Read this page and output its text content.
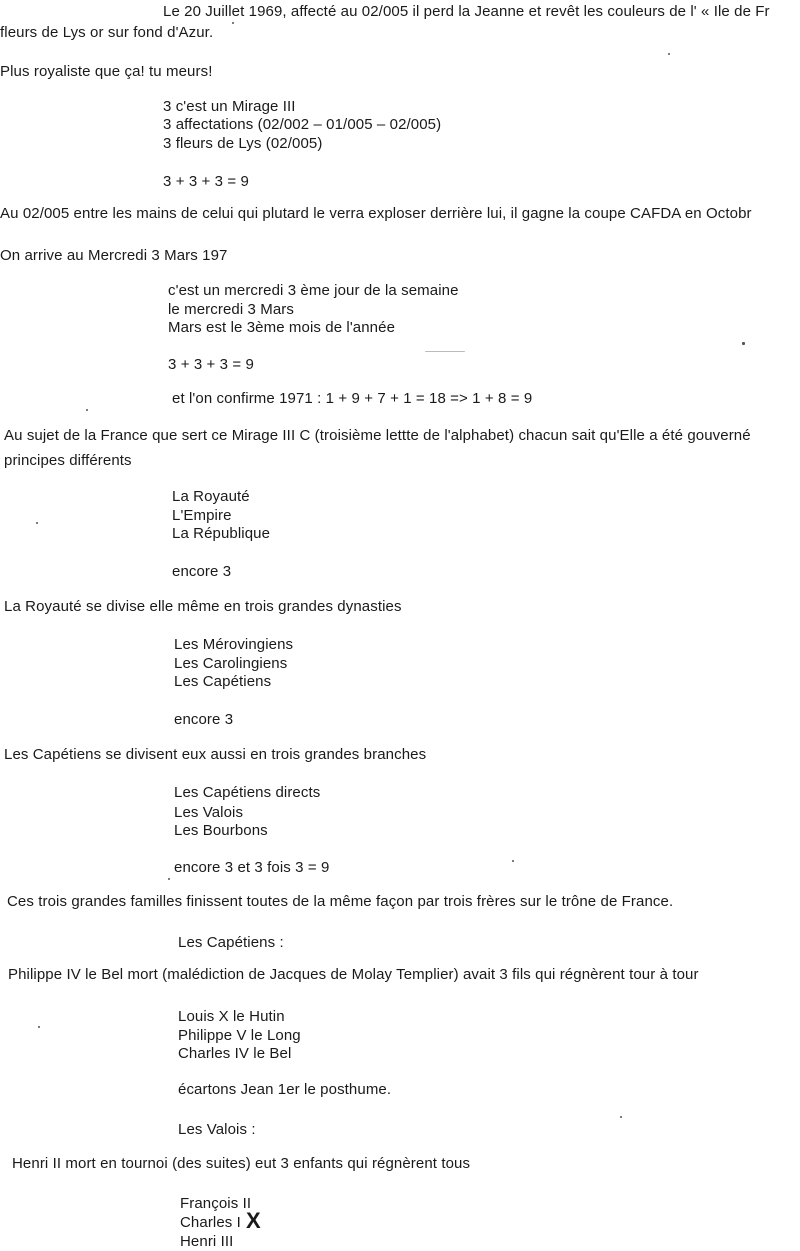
Le 20 Juillet 1969, affecté au 02/005 il perd la Jeanne et revêt les couleurs de l' « Ile de Fr
fleurs de Lys or sur fond d'Azur.
Plus royaliste que ça! tu meurs!
3 c'est un Mirage III
3 affectations (02/002 – 01/005 – 02/005)
3 fleurs de Lys (02/005)
3 + 3 + 3 = 9
Au 02/005 entre les mains de celui qui plutard le verra exploser derrière lui, il gagne la coupe CAFDA en Octobr
On arrive au Mercredi 3 Mars 197
c'est un mercredi 3 ème jour de la semaine
le mercredi 3 Mars
Mars est le 3ème mois de l'année
3 + 3 + 3 = 9
et l'on confirme 1971 : 1 + 9 + 7 + 1 = 18 => 1 + 8 = 9
Au sujet de la France que sert ce Mirage III C (troisième lettte de l'alphabet) chacun sait qu'Elle a été gouverné
principes différents
La Royauté
L'Empire
La République
encore 3
La Royauté se divise elle même en trois grandes dynasties
Les Mérovingiens
Les Carolingiens
Les Capétiens
encore 3
Les Capétiens se divisent eux aussi en trois grandes branches
Les Capétiens directs
Les Valois
Les Bourbons
encore 3 et 3 fois 3 = 9
Ces trois grandes familles finissent toutes de la même façon par trois frères sur le trône de France.
Les Capétiens :
Philippe IV le Bel mort (malédiction de Jacques de Molay Templier) avait 3 fils qui régnèrent tour à tour
Louis X le Hutin
Philippe V le Long
Charles IV le Bel
écartons Jean 1er le posthume.
Les Valois :
Henri II mort en tournoi (des suites) eut 3 enfants qui régnèrent tous
François II
Charles I
Henri III
X
